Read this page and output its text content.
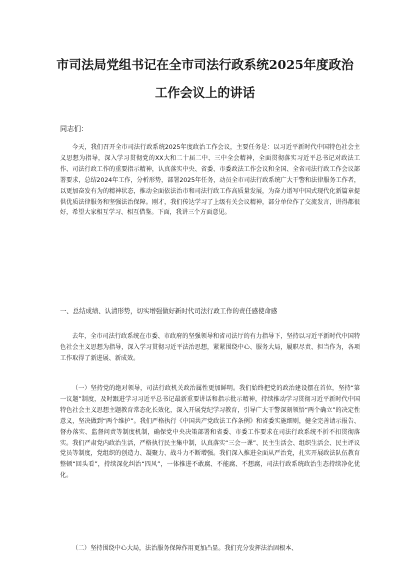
市司法局党组书记在全市司法行政系统2025年度政治工作会议上的讲话

同志们：

今天，我们召开全市司法行政系统2025年度政治工作会议，主要任务是：以习近平新时代中国特色社会主义思想为指导，深入学习贯彻党的XX大和二十届二中、三中全会精神，全面贯彻落实习近平总书记对政法工作、司法行政工作的重要指示精神，认真落实中央、省委、市委政法工作会议和全国、全省司法行政工作会议部署要求，总结2024年工作，分析形势，部署2025年任务，动员全市司法行政系统广大干警和法律服务工作者，以更加奋发有为的精神状态，推动全面依法治市和司法行政工作高质量发展，为奋力谱写中国式现代化新篇章提供优质法律服务和坚强法治保障。刚才，我们传达学习了上级有关会议精神，部分单位作了交流发言，讲得都很好，希望大家相互学习、相互借鉴。下面，我讲三个方面意见。

一、总结成绩、认清形势，切实增强做好新时代司法行政工作的责任感使命感

去年，全市司法行政系统在市委、市政府的坚强领导和省司法厅的有力指导下，坚持以习近平新时代中国特色社会主义思想为指导，深入学习贯彻习近平法治思想，紧紧围绕中心、服务大局，履职尽责、担当作为，各项工作取得了新进展、新成效。

（一）坚持党的绝对领导，司法行政机关政治属性更加鲜明。我们始终把党的政治建设摆在首位，坚持“第一议题”制度，及时跟进学习习近平总书记最新重要讲话和指示批示精神，持续推动学习贯彻习近平新时代中国特色社会主义思想主题教育常态化长效化，深入开展党纪学习教育，引导广大干警深刻领悟“两个确立”的决定性意义，坚决做到“两个维护”。我们严格执行《中国共产党政法工作条例》和省委实施细则，健全完善请示报告、督办落实、监督问责等制度机制，确保党中央决策部署和省委、市委工作要求在司法行政系统不折不扣贯彻落实。我们严肃党内政治生活，严格执行民主集中制，认真落实“三会一课”、民主生活会、组织生活会、民主评议党员等制度，党组织的创造力、凝聚力、战斗力不断增强。我们深入推进全面从严治党，扎实开展政法队伍教育整顿“回头看”，持续深化纠治“四风”，一体推进不敢腐、不能腐、不想腐，司法行政系统政治生态持续净化优化。

（二）坚持围绕中心大局，法治服务保障作用更加凸显。我们充分发挥法治固根本、
